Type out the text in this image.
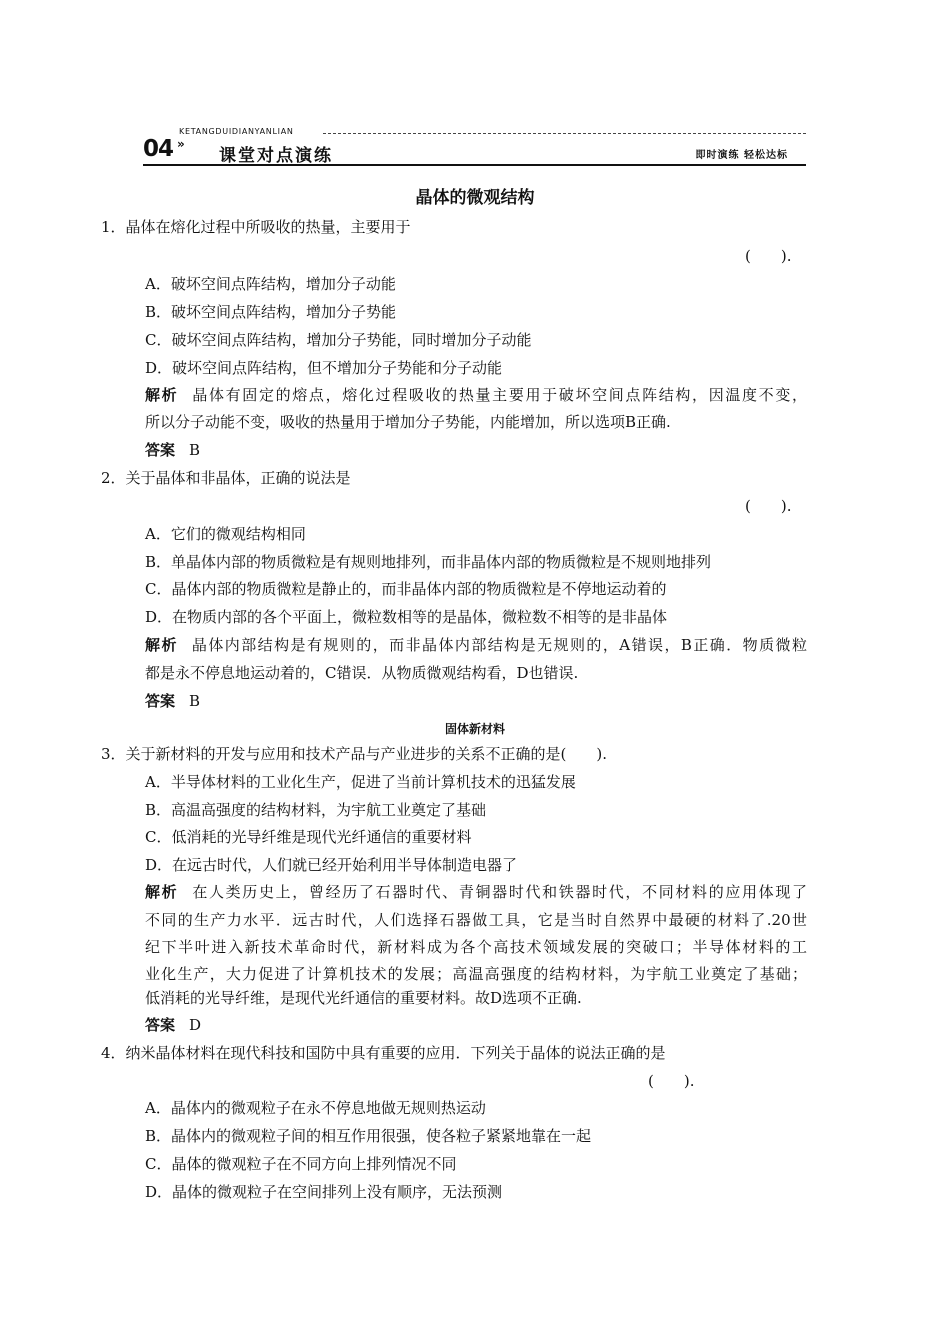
04 »
KETANGDUIDIANYANLIAN
课堂对点演练	即时演练 轻松达标
晶体的微观结构
1．晶体在熔化过程中所吸收的热量，主要用于
(　　).
A．破坏空间点阵结构，增加分子动能
B．破坏空间点阵结构，增加分子势能
C．破坏空间点阵结构，增加分子势能，同时增加分子动能
D．破坏空间点阵结构，但不增加分子势能和分子动能
解析 晶体有固定的熔点，熔化过程吸收的热量主要用于破坏空间点阵结构，因温度不变，
所以分子动能不变，吸收的热量用于增加分子势能，内能增加，所以选项B正确.
答案 B
2．关于晶体和非晶体，正确的说法是
(　　).
A．它们的微观结构相同
B．单晶体内部的物质微粒是有规则地排列，而非晶体内部的物质微粒是不规则地排列
C．晶体内部的物质微粒是静止的，而非晶体内部的物质微粒是不停地运动着的
D．在物质内部的各个平面上，微粒数相等的是晶体，微粒数不相等的是非晶体
解析 晶体内部结构是有规则的，而非晶体内部结构是无规则的，A错误，B正确．物质微粒
都是永不停息地运动着的，C错误．从物质微观结构看，D也错误.
答案 B
固体新材料
3．关于新材料的开发与应用和技术产品与产业进步的关系不正确的是(　　).
A．半导体材料的工业化生产，促进了当前计算机技术的迅猛发展
B．高温高强度的结构材料，为宇航工业奠定了基础
C．低消耗的光导纤维是现代光纤通信的重要材料
D．在远古时代，人们就已经开始利用半导体制造电器了
解析 在人类历史上，曾经历了石器时代、青铜器时代和铁器时代，不同材料的应用体现了
不同的生产力水平．远古时代，人们选择石器做工具，它是当时自然界中最硬的材料了.20世
纪下半叶进入新技术革命时代，新材料成为各个高技术领域发展的突破口；半导体材料的工
业化生产，大力促进了计算机技术的发展；高温高强度的结构材料，为宇航工业奠定了基础；
低消耗的光导纤维，是现代光纤通信的重要材料。故D选项不正确.
答案 D
4．纳米晶体材料在现代科技和国防中具有重要的应用．下列关于晶体的说法正确的是
(　　).
A．晶体内的微观粒子在永不停息地做无规则热运动
B．晶体内的微观粒子间的相互作用很强，使各粒子紧紧地靠在一起
C．晶体的微观粒子在不同方向上排列情况不同
D．晶体的微观粒子在空间排列上没有顺序，无法预测
